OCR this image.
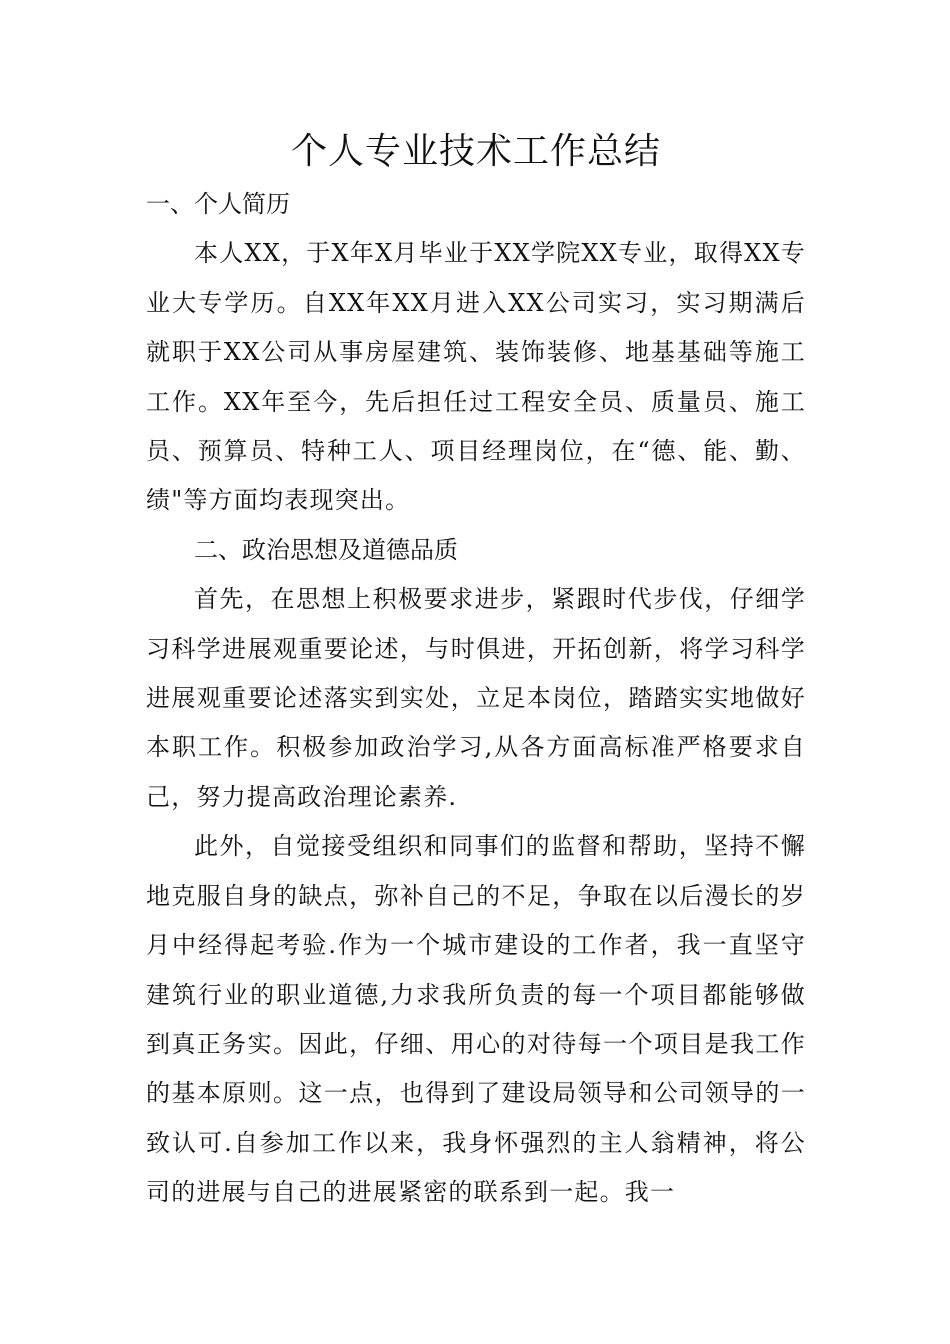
个人专业技术工作总结

一、个人简历

本人XX，于X年X月毕业于XX学院XX专业，取得XX专业大专学历。自XX年XX月进入XX公司实习，实习期满后就职于XX公司从事房屋建筑、装饰装修、地基基础等施工工作。XX年至今，先后担任过工程安全员、质量员、施工员、预算员、特种工人、项目经理岗位，在“德、能、勤、绩"等方面均表现突出。

二、政治思想及道德品质

首先，在思想上积极要求进步，紧跟时代步伐，仔细学习科学进展观重要论述，与时俱进，开拓创新，将学习科学进展观重要论述落实到实处，立足本岗位，踏踏实实地做好本职工作。积极参加政治学习,从各方面高标准严格要求自己，努力提高政治理论素养.

此外，自觉接受组织和同事们的监督和帮助，坚持不懈地克服自身的缺点，弥补自己的不足，争取在以后漫长的岁月中经得起考验.作为一个城市建设的工作者，我一直坚守建筑行业的职业道德,力求我所负责的每一个项目都能够做到真正务实。因此，仔细、用心的对待每一个项目是我工作的基本原则。这一点，也得到了建设局领导和公司领导的一致认可.自参加工作以来，我身怀强烈的主人翁精神，将公司的进展与自己的进展紧密的联系到一起。我一
